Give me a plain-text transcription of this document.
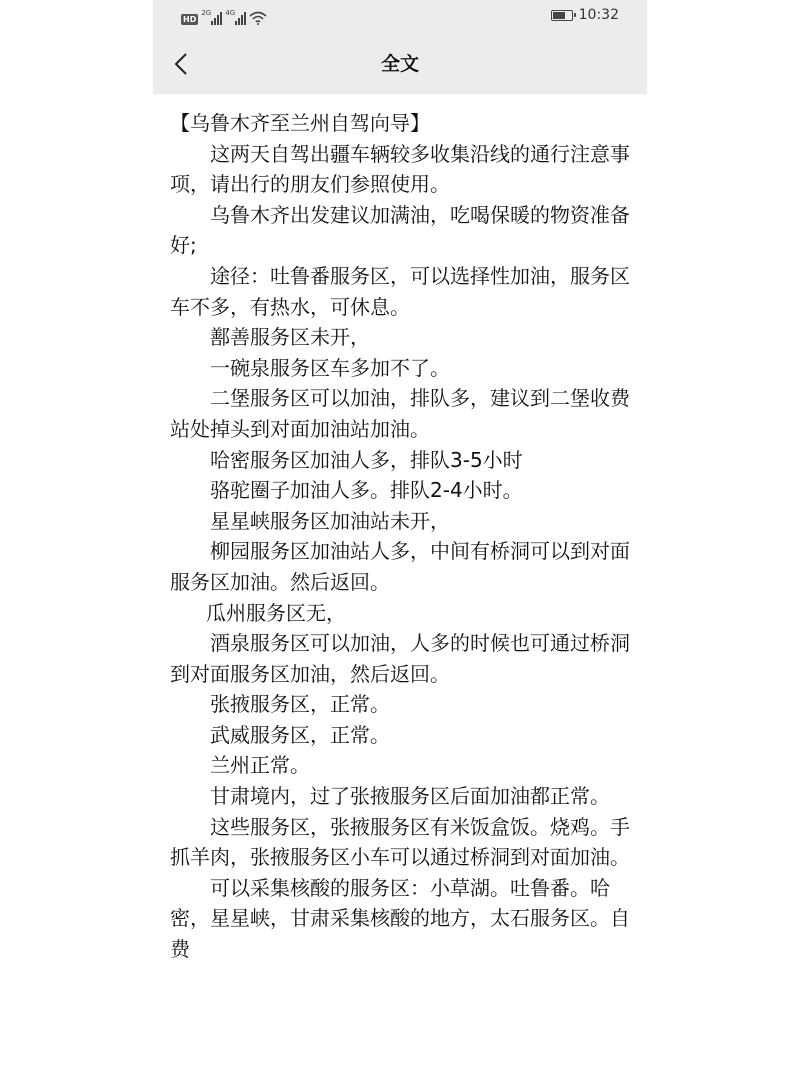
HD
2G 4G	10:32
全文

【乌鲁木齐至兰州自驾向导】

这两天自驾出疆车辆较多收集沿线的通行注意事项，请出行的朋友们参照使用。

乌鲁木齐出发建议加满油，吃喝保暖的物资准备好;

途径：吐鲁番服务区，可以选择性加油，服务区车不多，有热水，可休息。

鄯善服务区未开，

一碗泉服务区车多加不了。

二堡服务区可以加油，排队多，建议到二堡收费站处掉头到对面加油站加油。

哈密服务区加油人多，排队3-5小时

骆驼圈子加油人多。排队2-4小时。

星星峡服务区加油站未开，

柳园服务区加油站人多，中间有桥洞可以到对面服务区加油。然后返回。

瓜州服务区无，

酒泉服务区可以加油，人多的时候也可通过桥洞到对面服务区加油，然后返回。

张掖服务区，正常。

武威服务区，正常。

兰州正常。

甘肃境内，过了张掖服务区后面加油都正常。

这些服务区，张掖服务区有米饭盒饭。烧鸡。手抓羊肉，张掖服务区小车可以通过桥洞到对面加油。

可以采集核酸的服务区：小草湖。吐鲁番。哈密，星星峡，甘肃采集核酸的地方，太石服务区。自费
